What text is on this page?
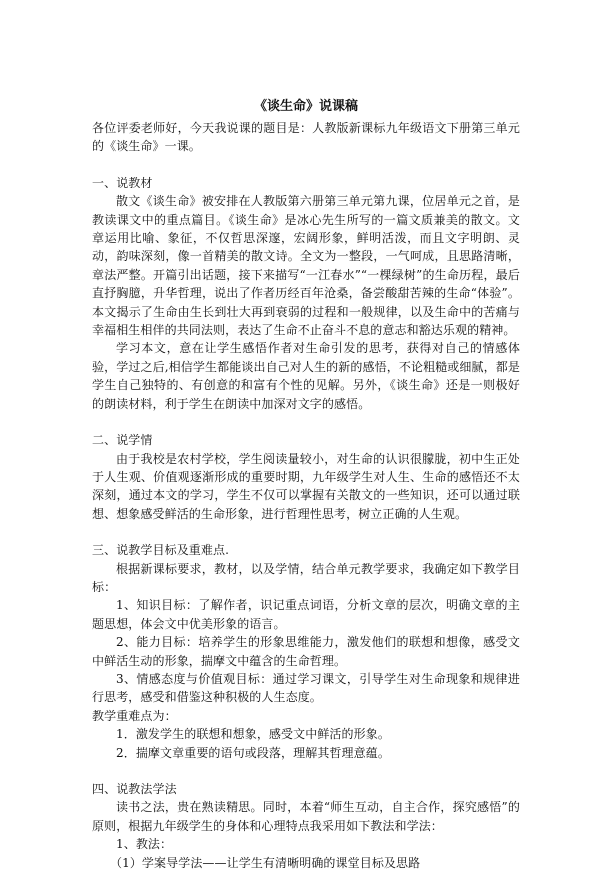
《谈生命》说课稿

各位评委老师好，今天我说课的题目是：人教版新课标九年级语文下册第三单元的《谈生命》一课。

一、说教材

散文《谈生命》被安排在人教版第六册第三单元第九课，位居单元之首，是教读课文中的重点篇目。《谈生命》是冰心先生所写的一篇文质兼美的散文。文章运用比喻、象征，不仅哲思深邃，宏阔形象，鲜明活泼，而且文字明朗、灵动，韵味深刻，像一首精美的散文诗。全文为一整段，一气呵成，且思路清晰，章法严整。开篇引出话题，接下来描写“一江春水”“一棵绿树”的生命历程，最后直抒胸臆，升华哲理，说出了作者历经百年沧桑，备尝酸甜苦辣的生命“体验”。本文揭示了生命由生长到壮大再到衰弱的过程和一般规律，以及生命中的苦痛与幸福相生相伴的共同法则，表达了生命不止奋斗不息的意志和豁达乐观的精神。

学习本文，意在让学生感悟作者对生命引发的思考，获得对自己的情感体验，学过之后,相信学生都能谈出自己对人生的新的感悟，不论粗糙或细腻，都是学生自己独特的、有创意的和富有个性的见解。另外，《谈生命》还是一则极好的朗读材料，利于学生在朗读中加深对文字的感悟。

二、说学情

由于我校是农村学校，学生阅读量较小，对生命的认识很朦胧，初中生正处于人生观、价值观逐渐形成的重要时期，九年级学生对人生、生命的感悟还不太深刻，通过本文的学习，学生不仅可以掌握有关散文的一些知识，还可以通过联想、想象感受鲜活的生命形象，进行哲理性思考，树立正确的人生观。

三、说教学目标及重难点.

根据新课标要求，教材，以及学情，结合单元教学要求，我确定如下教学目标：

1、知识目标：了解作者，识记重点词语，分析文章的层次，明确文章的主题思想，体会文中优美形象的语言。

2、能力目标：培养学生的形象思维能力，激发他们的联想和想像，感受文中鲜活生动的形象，揣摩文中蕴含的生命哲理。

3、情感态度与价值观目标：通过学习课文，引导学生对生命现象和规律进行思考，感受和借鉴这种积极的人生态度。

教学重难点为：

1．激发学生的联想和想象，感受文中鲜活的形象。

2．揣摩文章重要的语句或段落，理解其哲理意蕴。

四、说教法学法

读书之法，贵在熟读精思。同时，本着“师生互动，自主合作，探究感悟”的原则，根据九年级学生的身体和心理特点我采用如下教法和学法：

1、教法：

（1）学案导学法——让学生有清晰明确的课堂目标及思路
